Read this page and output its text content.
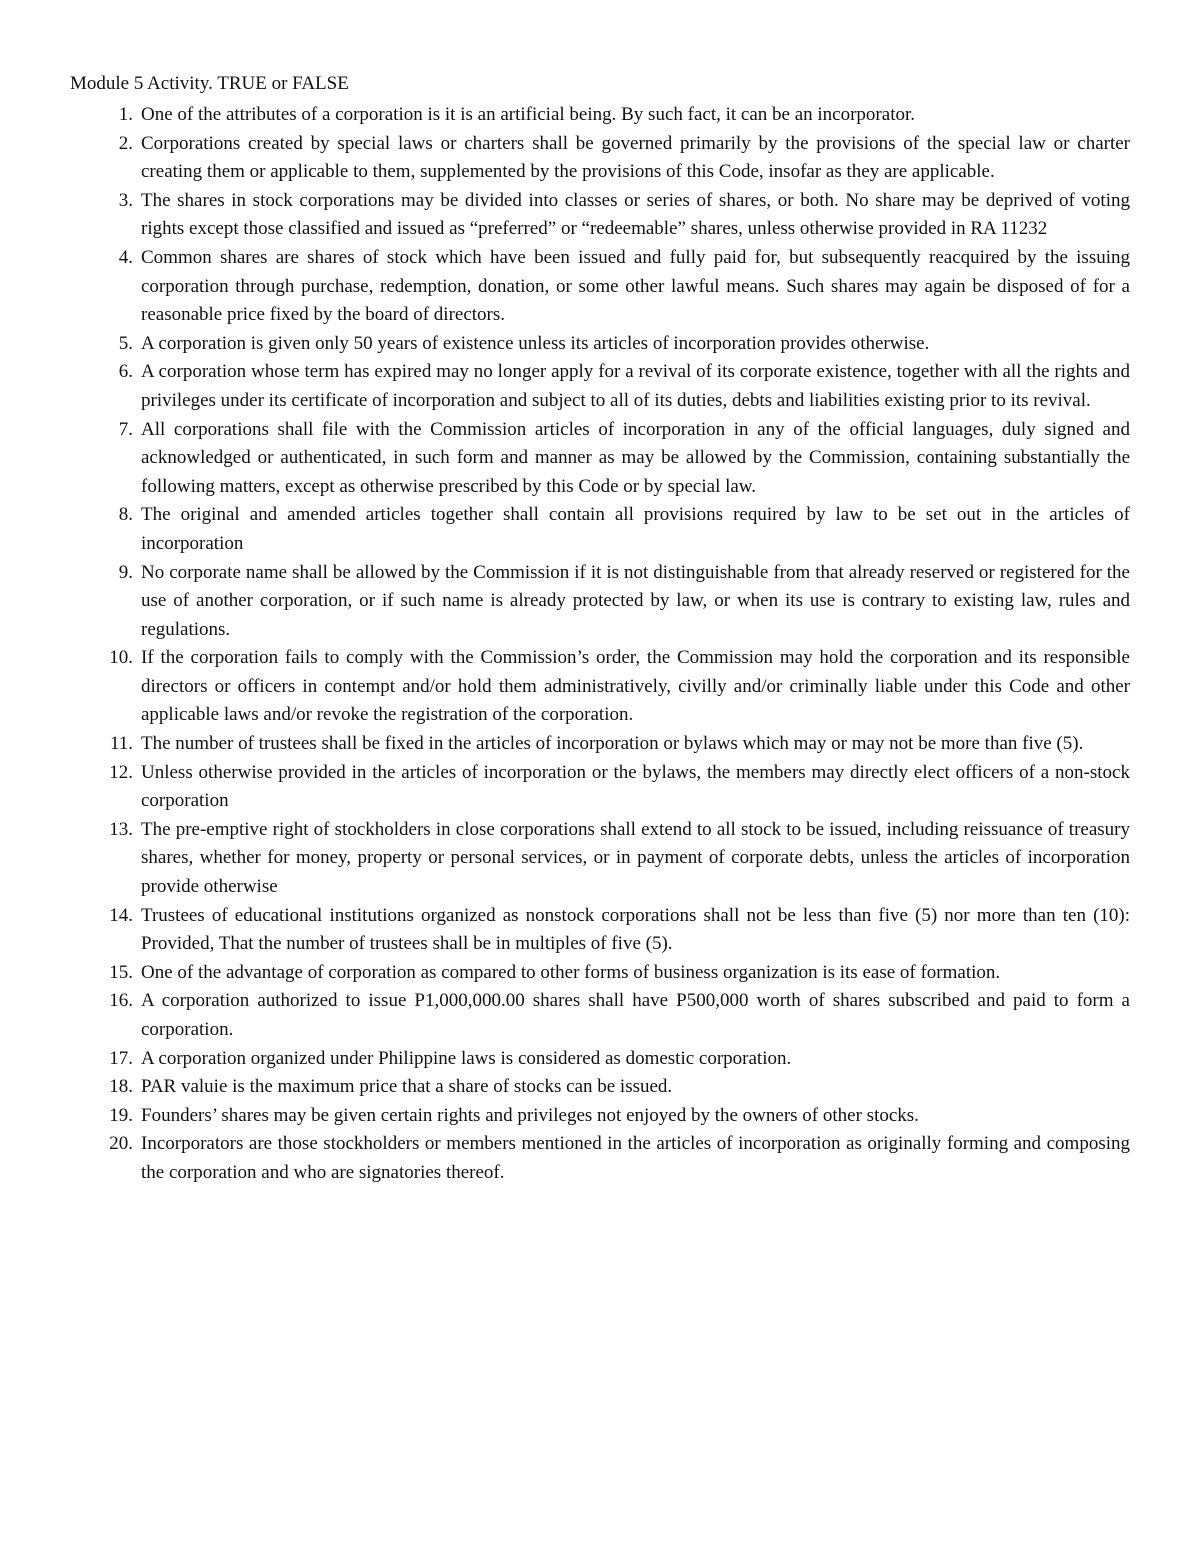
Module 5 Activity. TRUE or FALSE
1. One of the attributes of a corporation is it is an artificial being. By such fact, it can be an incorporator.
2. Corporations created by special laws or charters shall be governed primarily by the provisions of the special law or charter creating them or applicable to them, supplemented by the provisions of this Code, insofar as they are applicable.
3. The shares in stock corporations may be divided into classes or series of shares, or both. No share may be deprived of voting rights except those classified and issued as “preferred” or “redeemable” shares, unless otherwise provided in RA 11232
4. Common shares are shares of stock which have been issued and fully paid for, but subsequently reacquired by the issuing corporation through purchase, redemption, donation, or some other lawful means. Such shares may again be disposed of for a reasonable price fixed by the board of directors.
5. A corporation is given only 50 years of existence unless its articles of incorporation provides otherwise.
6. A corporation whose term has expired may no longer apply for a revival of its corporate existence, together with all the rights and privileges under its certificate of incorporation and subject to all of its duties, debts and liabilities existing prior to its revival.
7. All corporations shall file with the Commission articles of incorporation in any of the official languages, duly signed and acknowledged or authenticated, in such form and manner as may be allowed by the Commission, containing substantially the following matters, except as otherwise prescribed by this Code or by special law.
8. The original and amended articles together shall contain all provisions required by law to be set out in the articles of incorporation
9. No corporate name shall be allowed by the Commission if it is not distinguishable from that already reserved or registered for the use of another corporation, or if such name is already protected by law, or when its use is contrary to existing law, rules and regulations.
10. If the corporation fails to comply with the Commission’s order, the Commission may hold the corporation and its responsible directors or officers in contempt and/or hold them administratively, civilly and/or criminally liable under this Code and other applicable laws and/or revoke the registration of the corporation.
11. The number of trustees shall be fixed in the articles of incorporation or bylaws which may or may not be more than five (5).
12. Unless otherwise provided in the articles of incorporation or the bylaws, the members may directly elect officers of a non-stock corporation
13. The pre-emptive right of stockholders in close corporations shall extend to all stock to be issued, including reissuance of treasury shares, whether for money, property or personal services, or in payment of corporate debts, unless the articles of incorporation provide otherwise
14. Trustees of educational institutions organized as nonstock corporations shall not be less than five (5) nor more than ten (10): Provided, That the number of trustees shall be in multiples of five (5).
15. One of the advantage of corporation as compared to other forms of business organization is its ease of formation.
16. A corporation authorized to issue P1,000,000.00 shares shall have P500,000 worth of shares subscribed and paid to form a corporation.
17. A corporation organized under Philippine laws is considered as domestic corporation.
18. PAR valuie is the maximum price that a share of stocks can be issued.
19. Founders’ shares may be given certain rights and privileges not enjoyed by the owners of other stocks.
20. Incorporators are those stockholders or members mentioned in the articles of incorporation as originally forming and composing the corporation and who are signatories thereof.
